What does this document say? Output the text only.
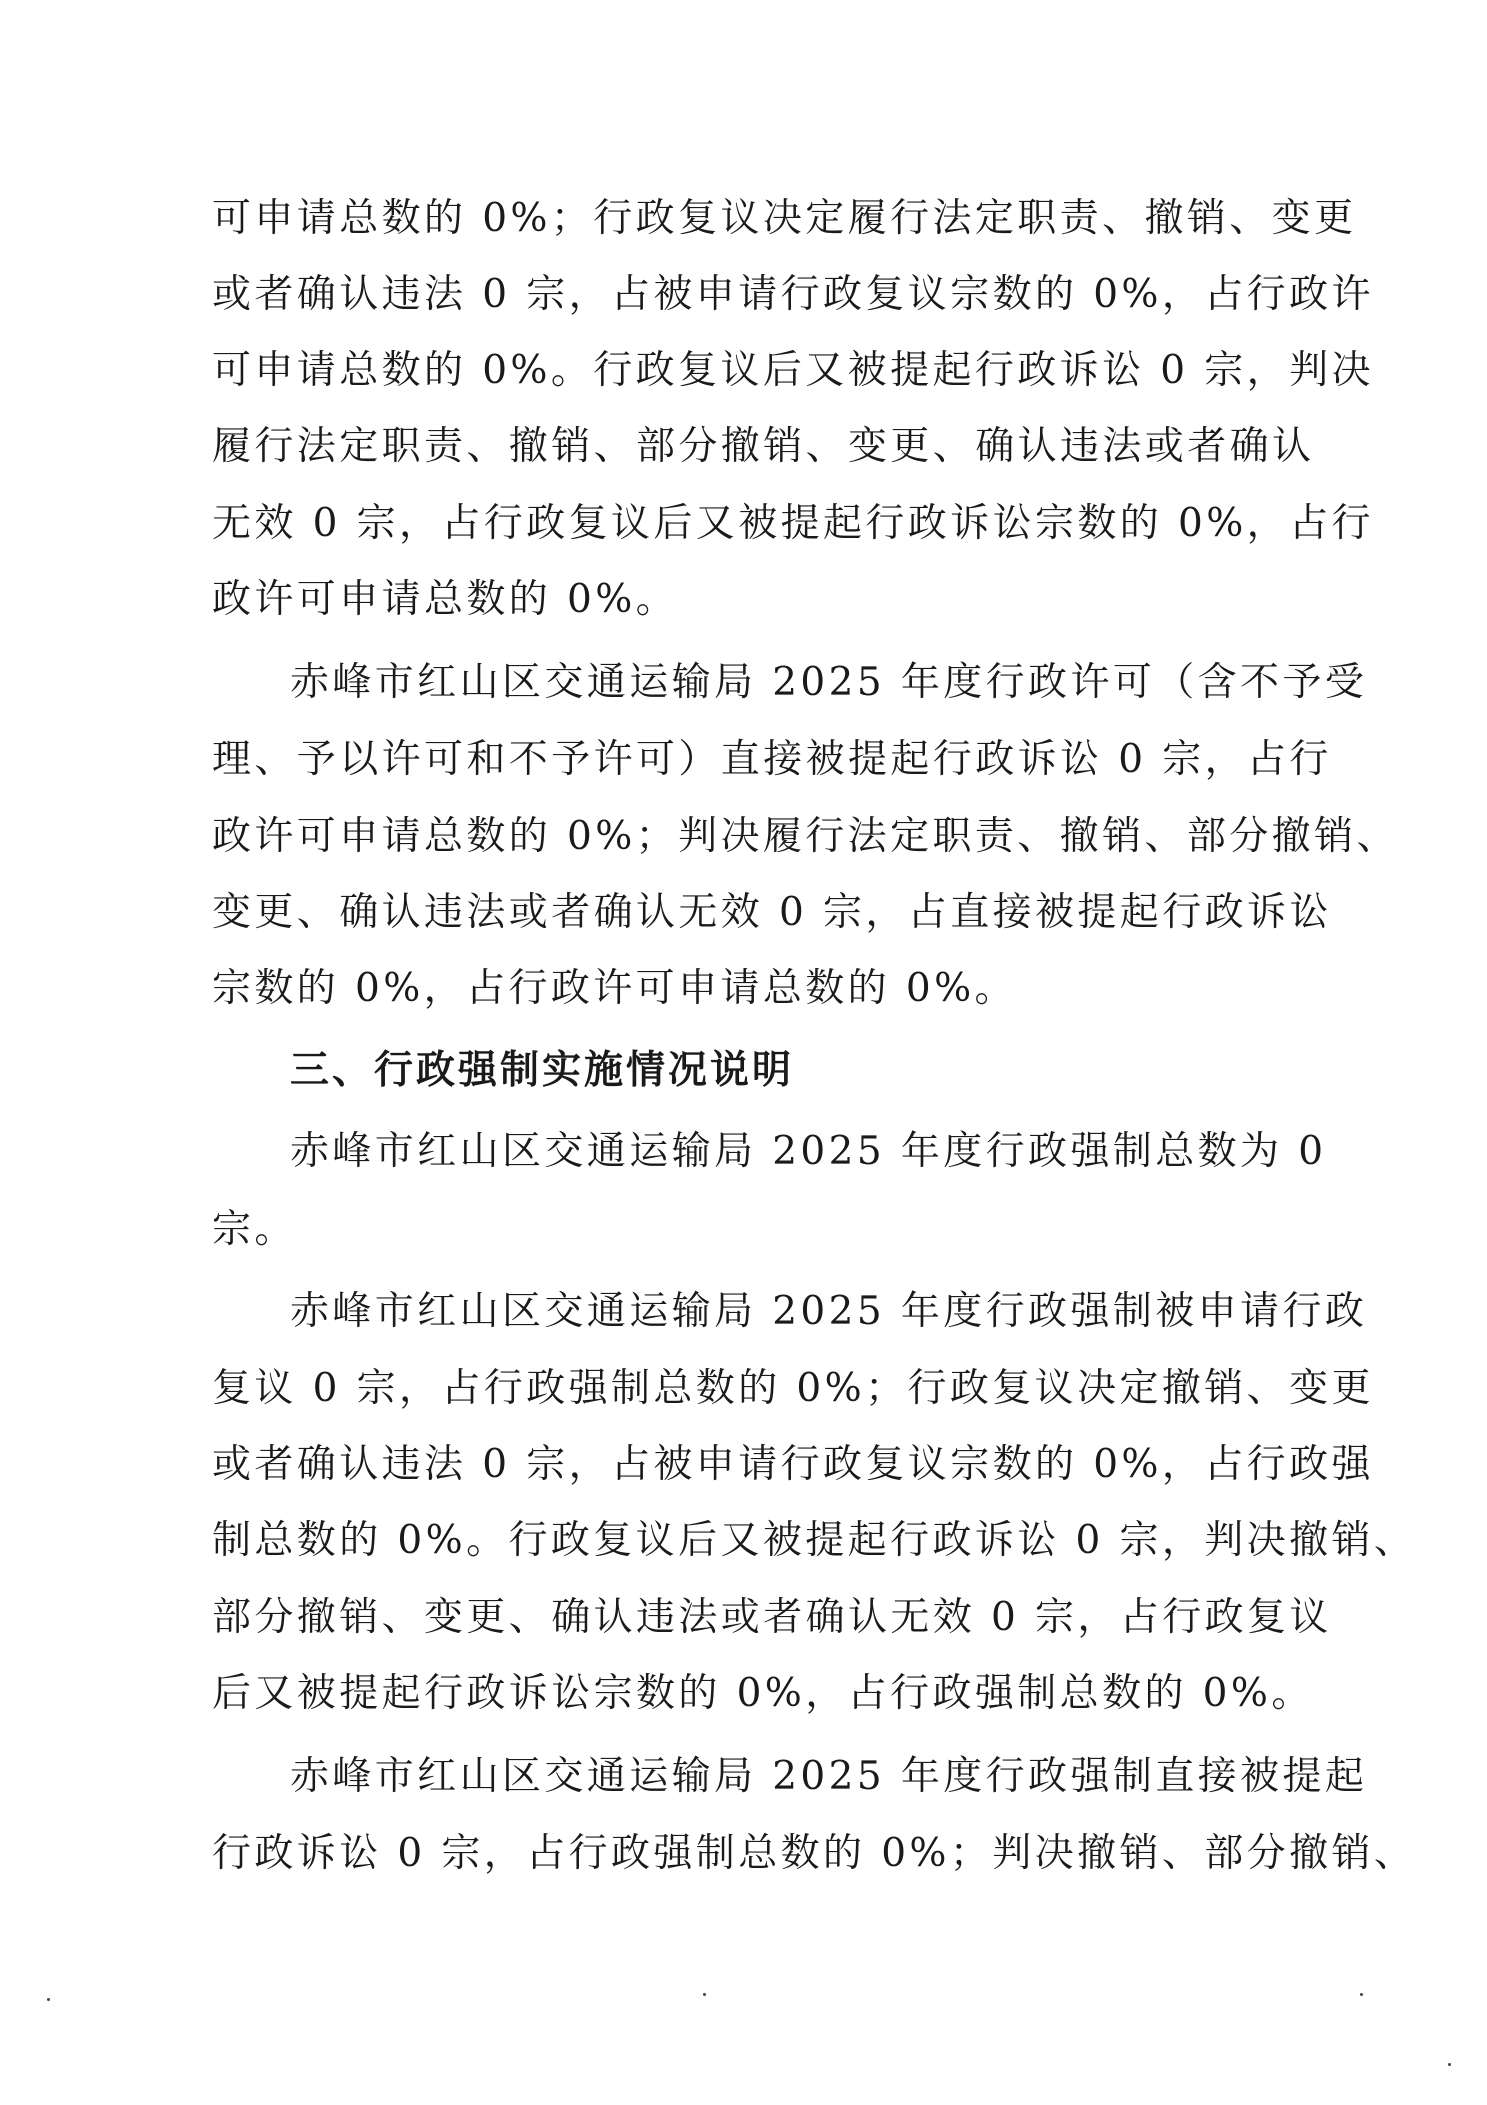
可申请总数的 0%；行政复议决定履行法定职责、撤销、变更
或者确认违法 0 宗，占被申请行政复议宗数的 0%，占行政许
可申请总数的 0%。行政复议后又被提起行政诉讼 0 宗，判决
履行法定职责、撤销、部分撤销、变更、确认违法或者确认
无效 0 宗，占行政复议后又被提起行政诉讼宗数的 0%，占行
政许可申请总数的 0%。
赤峰市红山区交通运输局 2025 年度行政许可（含不予受
理、予以许可和不予许可）直接被提起行政诉讼 0 宗，占行
政许可申请总数的 0%；判决履行法定职责、撤销、部分撤销、
变更、确认违法或者确认无效 0 宗，占直接被提起行政诉讼
宗数的 0%，占行政许可申请总数的 0%。
三、行政强制实施情况说明
赤峰市红山区交通运输局 2025 年度行政强制总数为 0
宗。
赤峰市红山区交通运输局 2025 年度行政强制被申请行政
复议 0 宗，占行政强制总数的 0%；行政复议决定撤销、变更
或者确认违法 0 宗，占被申请行政复议宗数的 0%，占行政强
制总数的 0%。行政复议后又被提起行政诉讼 0 宗，判决撤销、
部分撤销、变更、确认违法或者确认无效 0 宗，占行政复议
后又被提起行政诉讼宗数的 0%，占行政强制总数的 0%。
赤峰市红山区交通运输局 2025 年度行政强制直接被提起
行政诉讼 0 宗，占行政强制总数的 0%；判决撤销、部分撤销、
